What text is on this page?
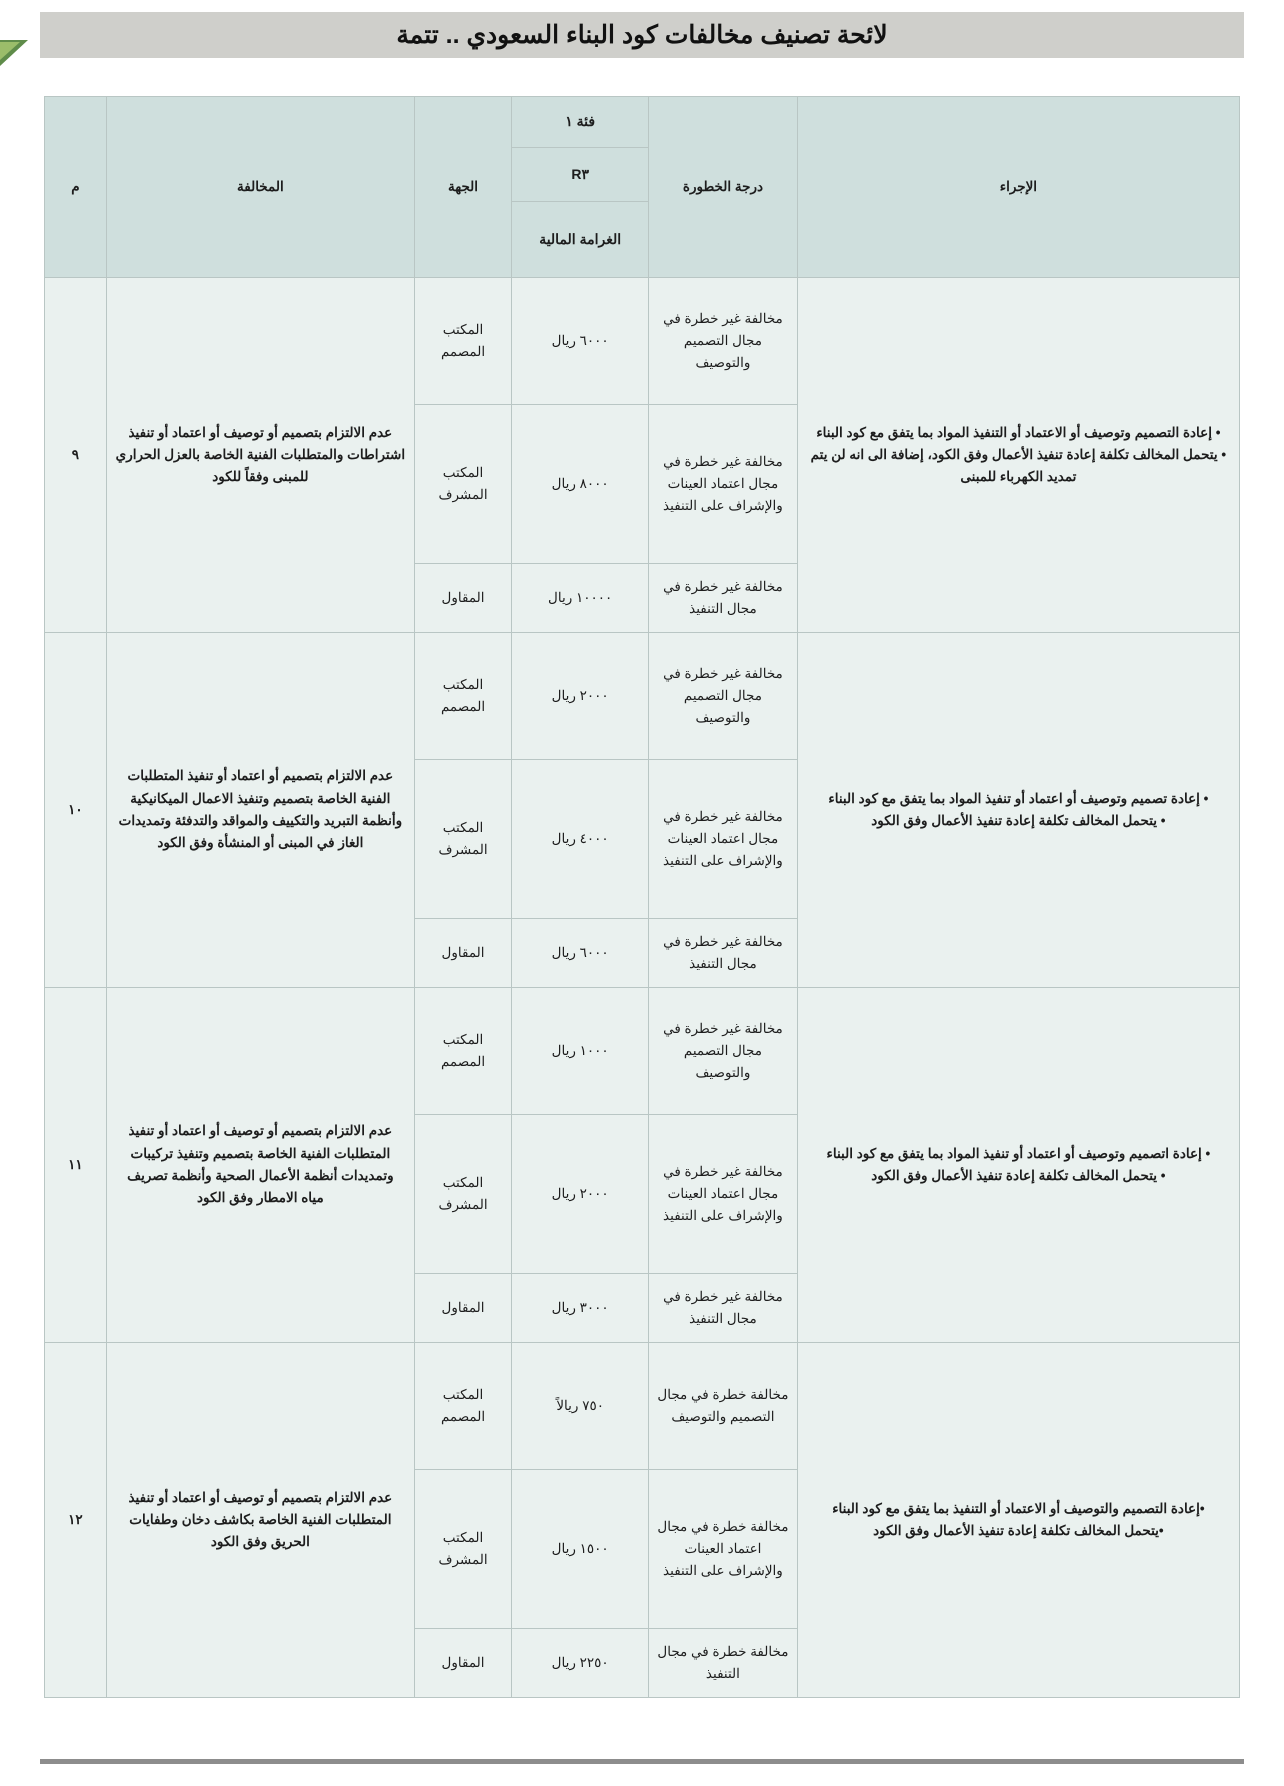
لائحة تصنيف مخالفات كود البناء السعودي .. تتمة
الإجراء	درجة الخطورة	فئة ١
R٣
الغرامة المالية	الجهة	المخالفة	م

• إعادة التصميم وتوصيف أو الاعتماد أو التنفيذ المواد بما يتفق مع كود البناء
• يتحمل المخالف تكلفة إعادة تنفيذ الأعمال وفق الكود، إضافة الى انه لن يتم تمديد الكهرباء للمبنى	مخالفة غير خطرة في مجال التصميم والتوصيف	٦٠٠٠ ريال	المكتب المصمم	عدم الالتزام بتصميم أو توصيف أو اعتماد أو تنفيذ اشتراطات والمتطلبات الفنية الخاصة بالعزل الحراري للمبنى وفقاً للكود	٩
	مخالفة غير خطرة في مجال اعتماد العينات والإشراف على التنفيذ	٨٠٠٠ ريال	المكتب المشرف		
	مخالفة غير خطرة في مجال التنفيذ	١٠٠٠٠ ريال	المقاول		

• إعادة تصميم وتوصيف أو اعتماد أو تنفيذ المواد بما يتفق مع كود البناء
• يتحمل المخالف تكلفة إعادة تنفيذ الأعمال وفق الكود	مخالفة غير خطرة في مجال التصميم والتوصيف	٢٠٠٠ ريال	المكتب المصمم	عدم الالتزام بتصميم أو اعتماد أو تنفيذ المتطلبات الفنية الخاصة بتصميم وتنفيذ الاعمال الميكانيكية وأنظمة التبريد والتكييف والمواقد والتدفئة وتمديدات الغاز في المبنى أو المنشأة وفق الكود	١٠
	مخالفة غير خطرة في مجال اعتماد العينات والإشراف على التنفيذ	٤٠٠٠ ريال	المكتب المشرف		
	مخالفة غير خطرة في مجال التنفيذ	٦٠٠٠ ريال	المقاول		

• إعادة اتصميم وتوصيف أو اعتماد أو تنفيذ المواد بما يتفق مع كود البناء
• يتحمل المخالف تكلفة إعادة تنفيذ الأعمال وفق الكود	مخالفة غير خطرة في مجال التصميم والتوصيف	١٠٠٠ ريال	المكتب المصمم	عدم الالتزام بتصميم أو توصيف أو اعتماد أو تنفيذ المتطلبات الفنية الخاصة بتصميم وتنفيذ تركيبات وتمديدات أنظمة الأعمال الصحية وأنظمة تصريف مياه الامطار وفق الكود	١١
	مخالفة غير خطرة في مجال اعتماد العينات والإشراف على التنفيذ	٢٠٠٠ ريال	المكتب المشرف		
	مخالفة غير خطرة في مجال التنفيذ	٣٠٠٠ ريال	المقاول		

•إعادة التصميم والتوصيف أو الاعتماد أو التنفيذ بما يتفق مع كود البناء
•يتحمل المخالف تكلفة إعادة تنفيذ الأعمال وفق الكود	مخالفة خطرة في مجال التصميم والتوصيف	٧٥٠ ريالاً	المكتب المصمم	عدم الالتزام بتصميم أو توصيف أو اعتماد أو تنفيذ المتطلبات الفنية الخاصة بكاشف دخان وطفايات الحريق وفق الكود	١٢
	مخالفة خطرة في مجال اعتماد العينات والإشراف على التنفيذ	١٥٠٠ ريال	المكتب المشرف		
	مخالفة خطرة في مجال التنفيذ	٢٢٥٠ ريال	المقاول		
